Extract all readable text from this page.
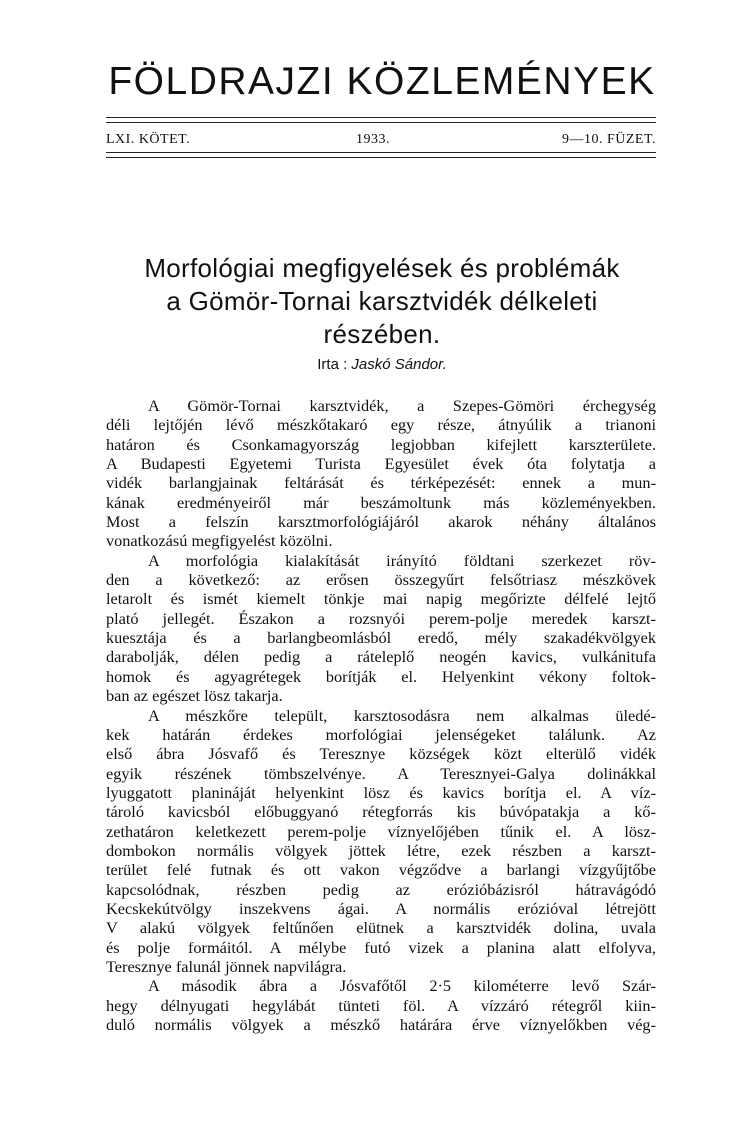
FÖLDRAJZI KÖZLEMÉNYEK
LXI. KÖTET.	1933.	9—10. FÜZET.
Morfológiai megfigyelések és problémák
a Gömör-Tornai karsztvidék délkeleti
részében.
Irta : Jaskó Sándor.
A Gömör-Tornai karsztvidék, a Szepes-Gömöri érchegység
déli lejtőjén lévő mészkőtakaró egy része, átnyúlik a trianoni
határon és Csonkamagyország legjobban kifejlett karszterülete.
A Budapesti Egyetemi Turista Egyesület évek óta folytatja a
vidék barlangjainak feltárását és térképezését: ennek a mun-
kának eredményeiről már beszámoltunk más közleményekben.
Most a felszín karsztmorfológiájáról akarok néhány általános
vonatkozású megfigyelést közölni.
A morfológia kialakítását irányító földtani szerkezet röv-
den a következő: az erősen összegyűrt felsőtriasz mészkövek
letarolt és ismét kiemelt tönkje mai napig megőrizte délfelé lejtő
plató jellegét. Északon a rozsnyói perem-polje meredek karszt-
kuesztája és a barlangbeomlásból eredő, mély szakadékvölgyek
darabolják, délen pedig a ráteleplő neogén kavics, vulkánitufa
homok és agyagrétegek borítják el. Helyenkint vékony foltok-
ban az egészet lösz takarja.
A mészkőre települt, karsztosodásra nem alkalmas üledé-
kek határán érdekes morfológiai jelenségeket találunk. Az
első ábra Jósvafő és Teresznye községek közt elterülő vidék
egyik részének tömbszelvénye. A Teresznyei-Galya dolinákkal
lyuggatott planináját helyenkint lösz és kavics borítja el. A víz-
tároló kavicsból előbuggyanó rétegforrás kis búvópatakja a kő-
zethatáron keletkezett perem-polje víznyelőjében tűnik el. A lösz-
dombokon normális völgyek jöttek létre, ezek részben a karszt-
terület felé futnak és ott vakon végződve a barlangi vízgyűjtőbe
kapcsolódnak, részben pedig az erózióbázisról hátravágódó
Kecskekútvölgy inszekvens ágai. A normális erózióval létrejött
V alakú völgyek feltűnően elütnek a karsztvidék dolina, uvala
és polje formáitól. A mélybe futó vizek a planina alatt elfolyva,
Teresznye falunál jönnek napvilágra.
A második ábra a Jósvafőtől 2·5 kilométerre levő Szár-
hegy délnyugati hegylábát tünteti föl. A vízzáró rétegről kiin-
duló normális völgyek a mészkő határára érve víznyelőkben vég-
